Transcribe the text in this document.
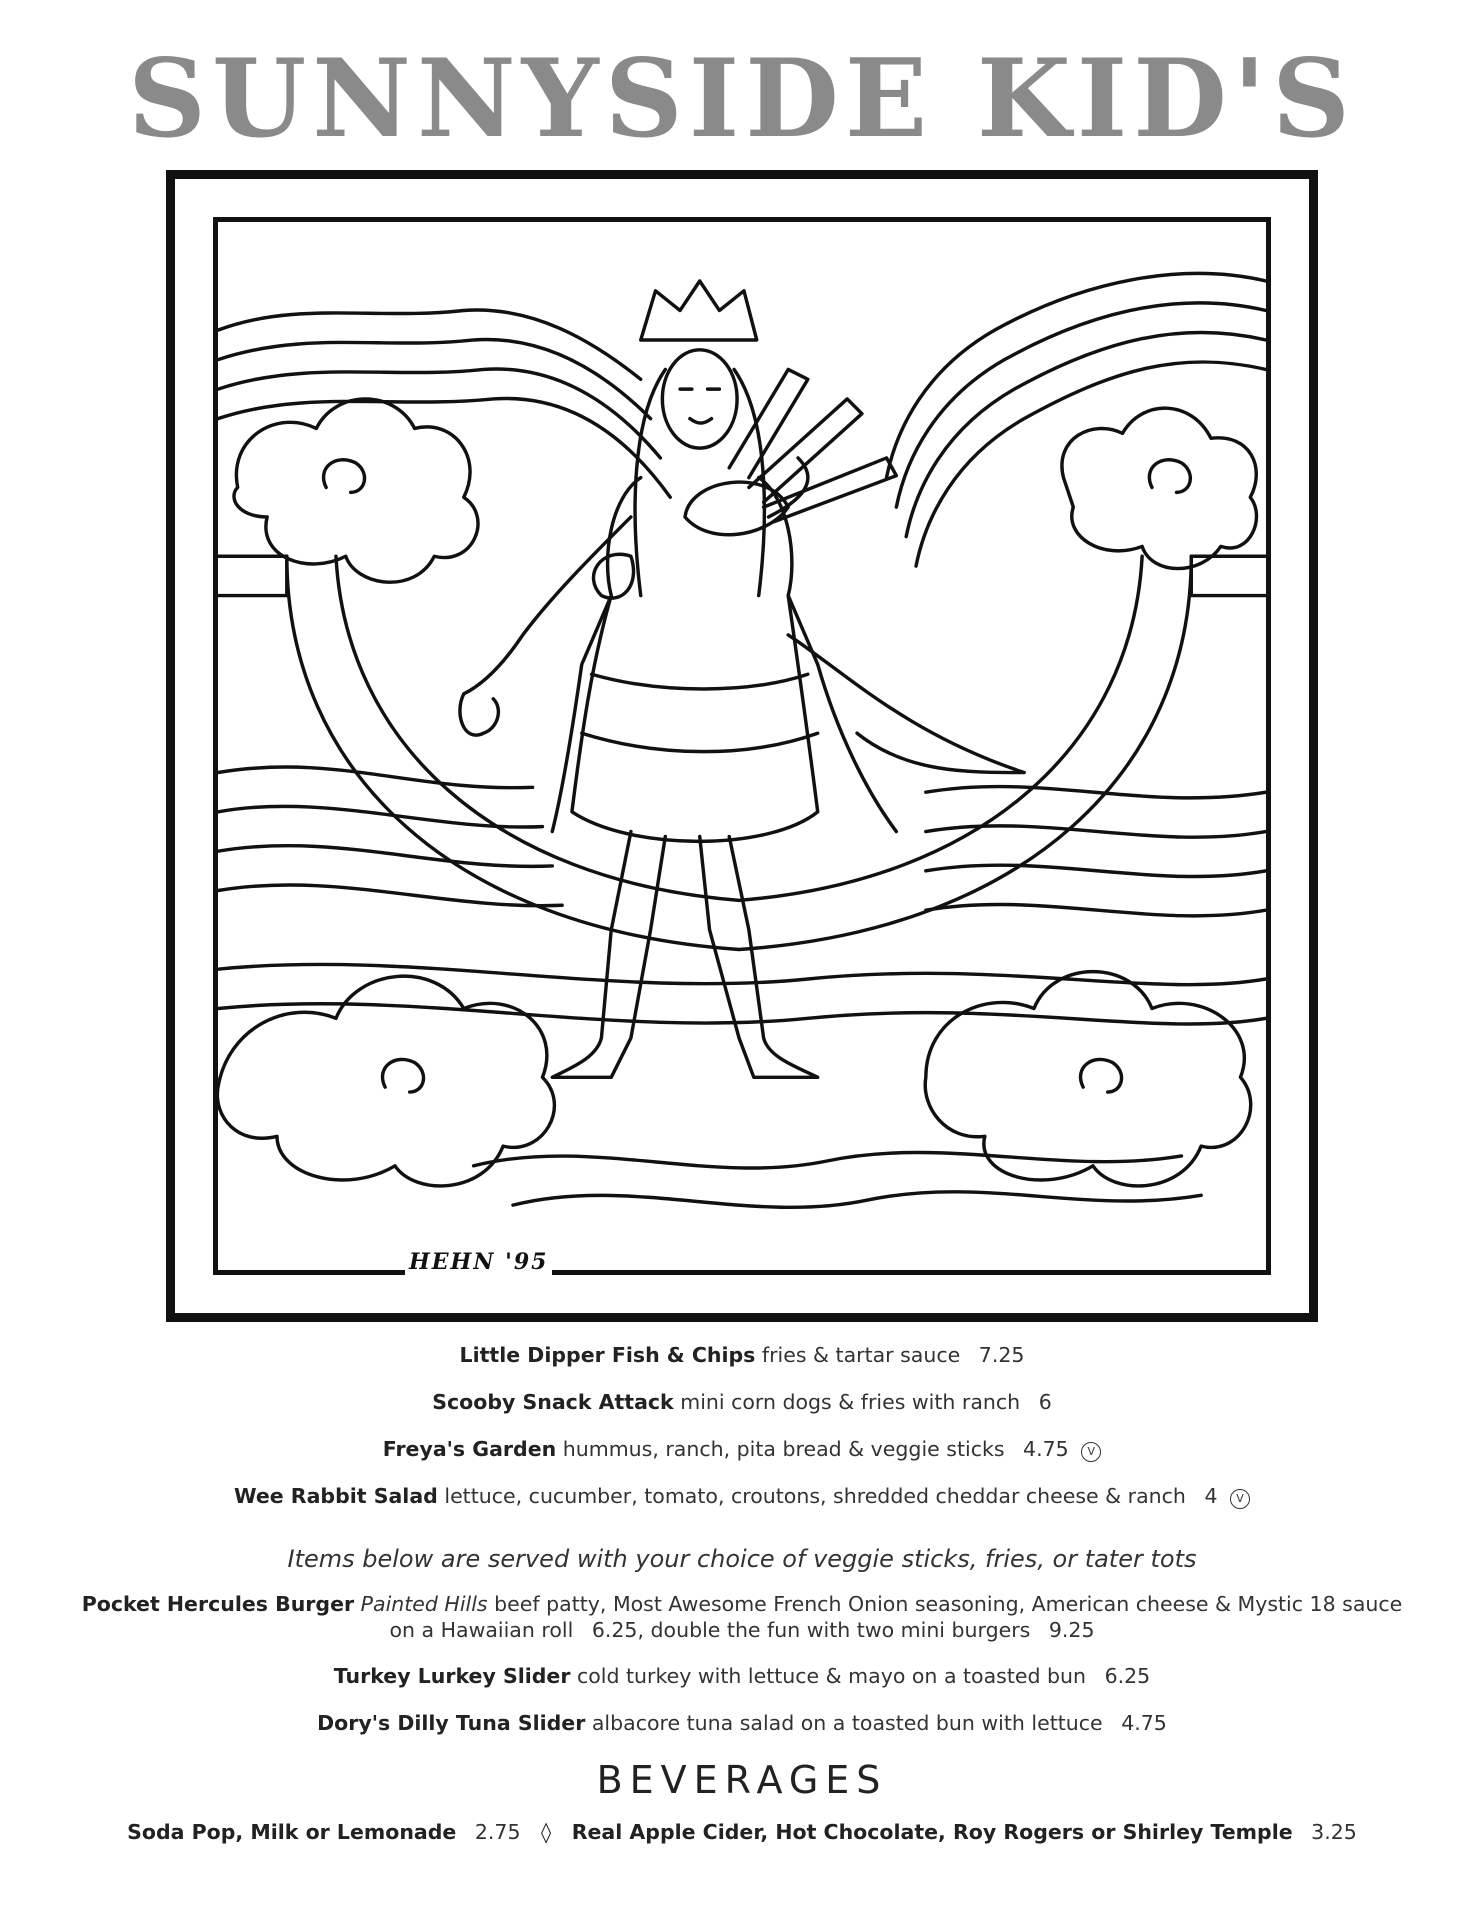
SUNNYSIDE KID'S
HEHN '95
Little Dipper Fish & Chips fries & tartar sauce 7.25
Scooby Snack Attack mini corn dogs & fries with ranch 6
Freya's Garden hummus, ranch, pita bread & veggie sticks 4.75 V
Wee Rabbit Salad lettuce, cucumber, tomato, croutons, shredded cheddar cheese & ranch 4 V
Items below are served with your choice of veggie sticks, fries, or tater tots
Pocket Hercules Burger Painted Hills beef patty, Most Awesome French Onion seasoning, American cheese & Mystic 18 sauce
on a Hawaiian roll 6.25, double the fun with two mini burgers 9.25
Turkey Lurkey Slider cold turkey with lettuce & mayo on a toasted bun 6.25
Dory's Dilly Tuna Slider albacore tuna salad on a toasted bun with lettuce 4.75
BEVERAGES
Soda Pop, Milk or Lemonade 2.75 ◊ Real Apple Cider, Hot Chocolate, Roy Rogers or Shirley Temple 3.25
